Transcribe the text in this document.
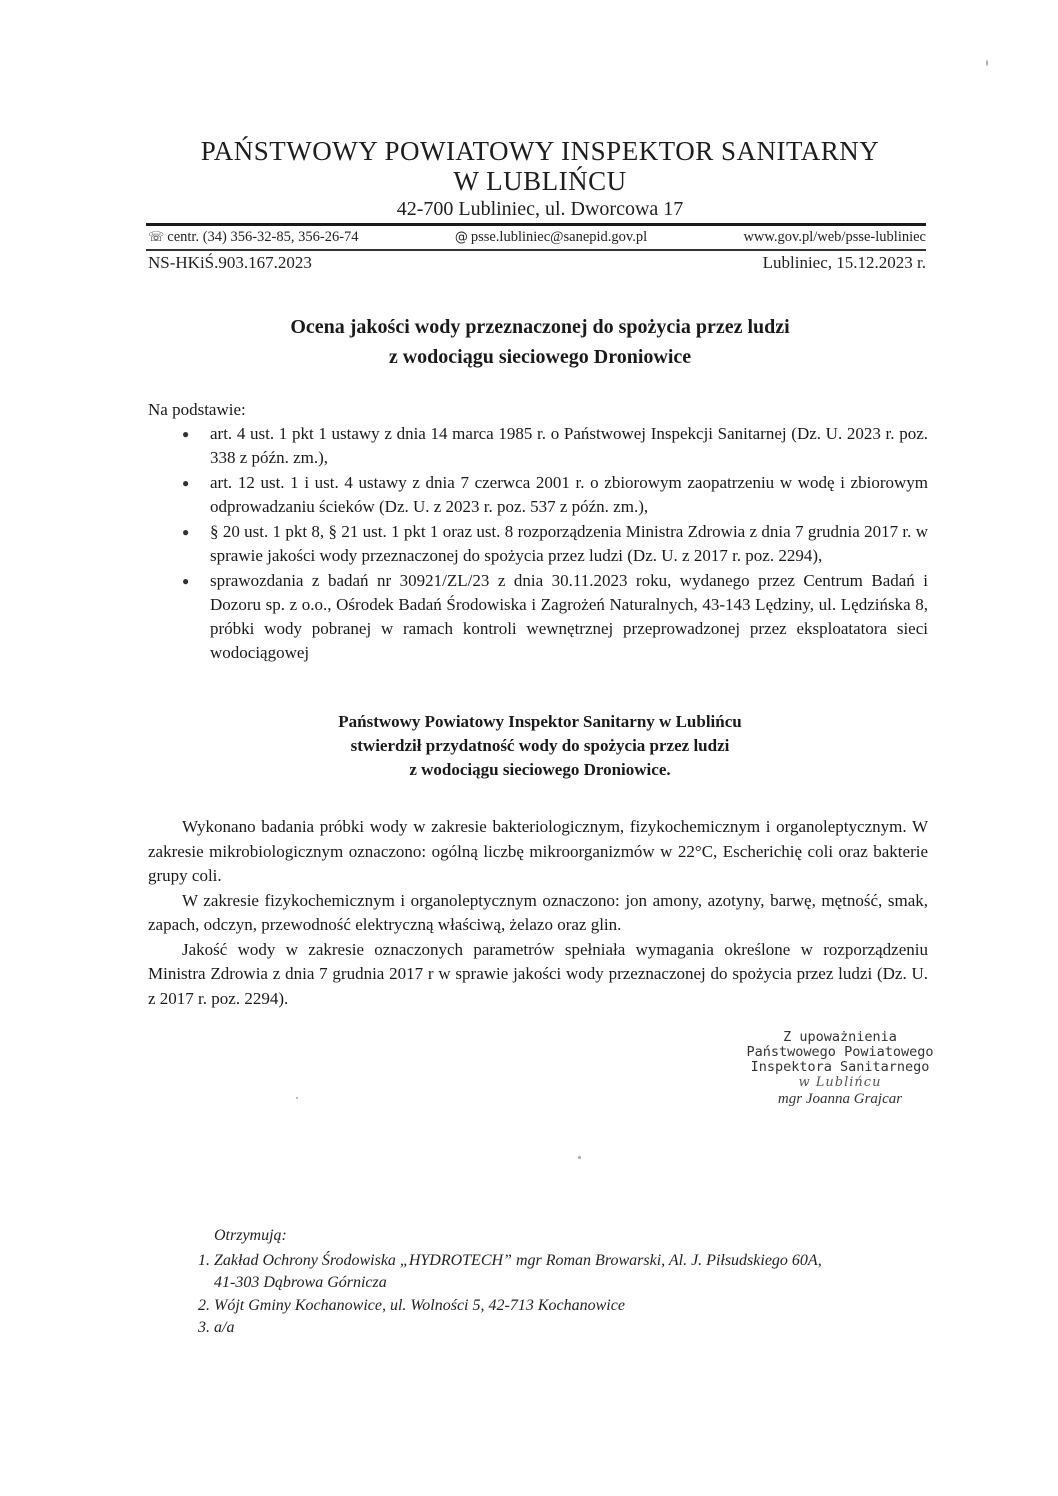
PAŃSTWOWY POWIATOWY INSPEKTOR SANITARNY
W LUBLIŃCU
42-700 Lubliniec, ul. Dworcowa 17
☏ centr. (34) 356-32-85, 356-26-74	@ psse.lubliniec@sanepid.gov.pl	www.gov.pl/web/psse-lubliniec
NS-HKiŚ.903.167.2023	Lubliniec, 15.12.2023 r.
Ocena jakości wody przeznaczonej do spożycia przez ludzi
z wodociągu sieciowego Droniowice
Na podstawie:
● art. 4 ust. 1 pkt 1 ustawy z dnia 14 marca 1985 r. o Państwowej Inspekcji Sanitarnej (Dz. U. 2023 r. poz. 338 z późn. zm.),
● art. 12 ust. 1 i ust. 4 ustawy z dnia 7 czerwca 2001 r. o zbiorowym zaopatrzeniu w wodę i zbiorowym odprowadzaniu ścieków (Dz. U. z 2023 r. poz. 537 z późn. zm.),
● § 20 ust. 1 pkt 8, § 21 ust. 1 pkt 1 oraz ust. 8 rozporządzenia Ministra Zdrowia z dnia 7 grudnia 2017 r. w sprawie jakości wody przeznaczonej do spożycia przez ludzi (Dz. U. z 2017 r. poz. 2294),
● sprawozdania z badań nr 30921/ZL/23 z dnia 30.11.2023 roku, wydanego przez Centrum Badań i Dozoru sp. z o.o., Ośrodek Badań Środowiska i Zagrożeń Naturalnych, 43-143 Lędziny, ul. Lędzińska 8, próbki wody pobranej w ramach kontroli wewnętrznej przeprowadzonej przez eksploatatora sieci wodociągowej
Państwowy Powiatowy Inspektor Sanitarny w Lublińcu
stwierdził przydatność wody do spożycia przez ludzi
z wodociągu sieciowego Droniowice.

Wykonano badania próbki wody w zakresie bakteriologicznym, fizykochemicznym i organoleptycznym. W zakresie mikrobiologicznym oznaczono: ogólną liczbę mikroorganizmów w 22°C, Escherichię coli oraz bakterie grupy coli.

W zakresie fizykochemicznym i organoleptycznym oznaczono: jon amony, azotyny, barwę, mętność, smak, zapach, odczyn, przewodność elektryczną właściwą, żelazo oraz glin.

Jakość wody w zakresie oznaczonych parametrów spełniała wymagania określone w rozporządzeniu Ministra Zdrowia z dnia 7 grudnia 2017 r w sprawie jakości wody przeznaczonej do spożycia przez ludzi (Dz. U. z 2017 r. poz. 2294).

Z upoważnienia
Państwowego Powiatowego
Inspektora Sanitarnego
w Lublińcu
mgr Joanna Grajcar
Otrzymują:
1. Zakład Ochrony Środowiska „HYDROTECH” mgr Roman Browarski, Al. J. Piłsudskiego 60A,
41-303 Dąbrowa Górnicza
2. Wójt Gminy Kochanowice, ul. Wolności 5, 42-713 Kochanowice
3. a/a
